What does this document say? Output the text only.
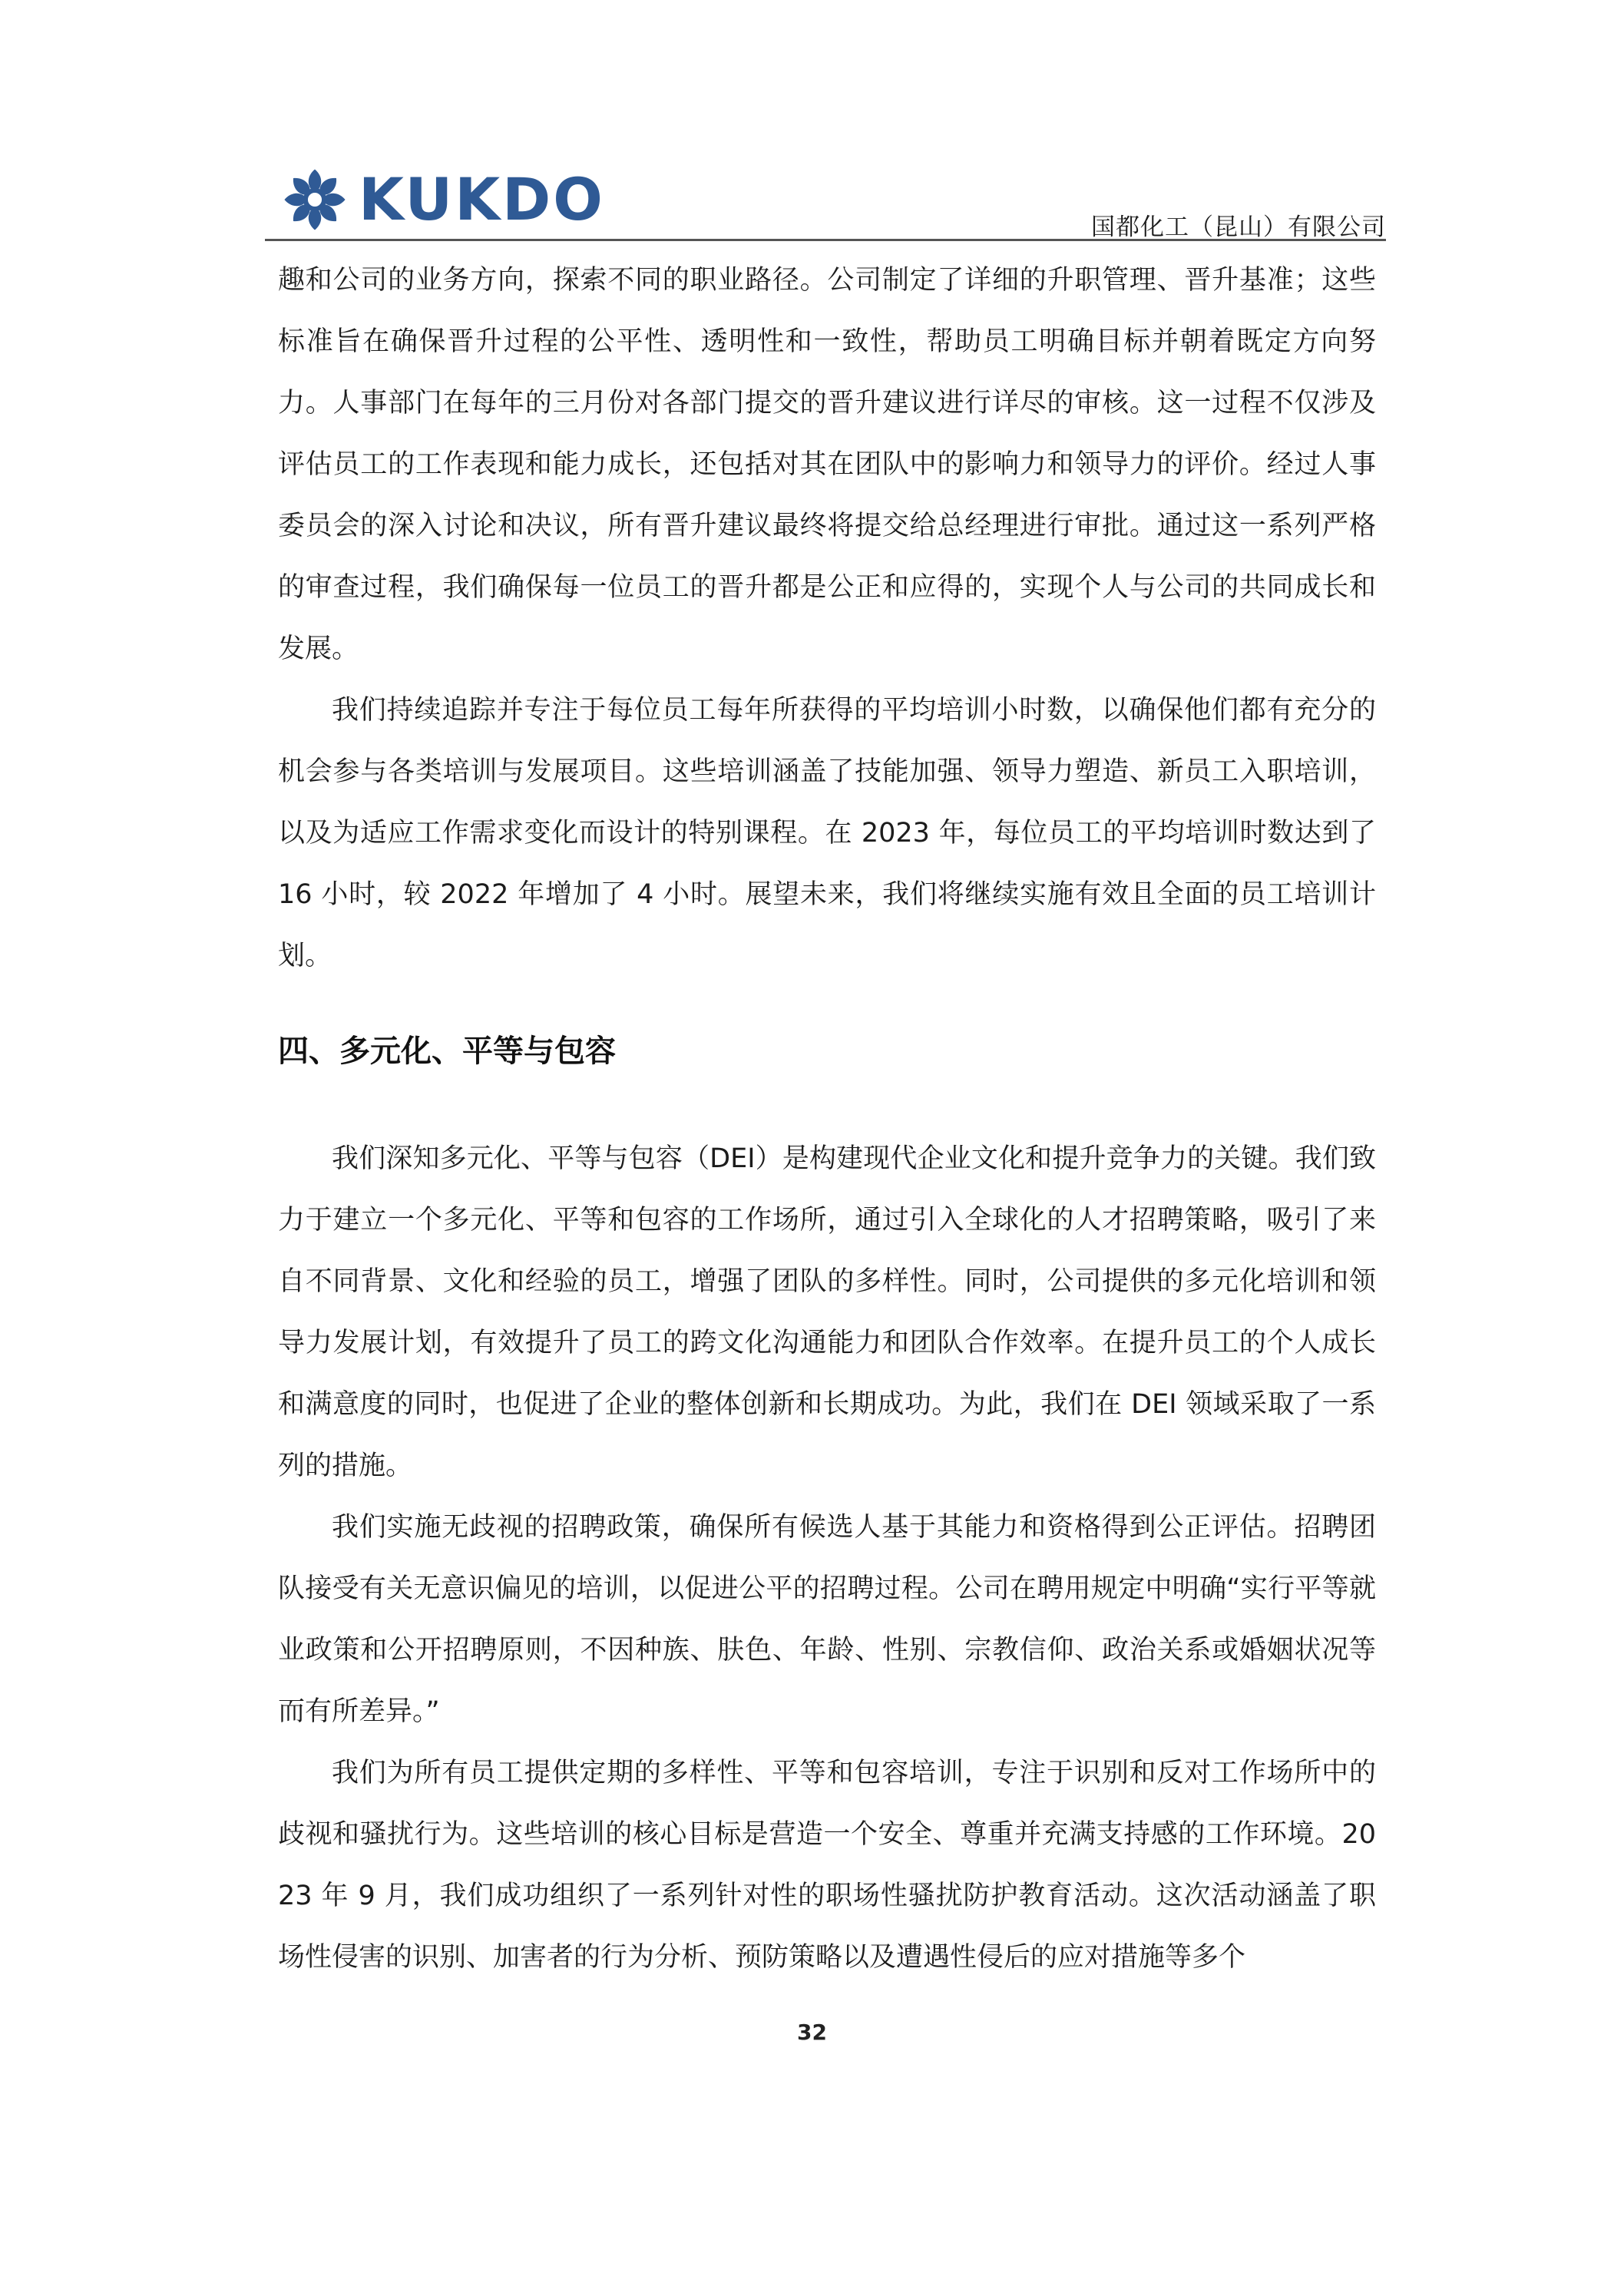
KUKDO	国都化工（昆山）有限公司

趣和公司的业务方向，探索不同的职业路径。公司制定了详细的升职管理、晋升基准；这些标准旨在确保晋升过程的公平性、透明性和一致性，帮助员工明确目标并朝着既定方向努力。人事部门在每年的三月份对各部门提交的晋升建议进行详尽的审核。这一过程不仅涉及评估员工的工作表现和能力成长，还包括对其在团队中的影响力和领导力的评价。经过人事委员会的深入讨论和决议，所有晋升建议最终将提交给总经理进行审批。通过这一系列严格的审查过程，我们确保每一位员工的晋升都是公正和应得的，实现个人与公司的共同成长和发展。

我们持续追踪并专注于每位员工每年所获得的平均培训小时数，以确保他们都有充分的机会参与各类培训与发展项目。这些培训涵盖了技能加强、领导力塑造、新员工入职培训，以及为适应工作需求变化而设计的特别课程。在 2023 年，每位员工的平均培训时数达到了 16 小时，较 2022 年增加了 4 小时。展望未来，我们将继续实施有效且全面的员工培训计划。

四、多元化、平等与包容

我们深知多元化、平等与包容（DEI）是构建现代企业文化和提升竞争力的关键。我们致力于建立一个多元化、平等和包容的工作场所，通过引入全球化的人才招聘策略，吸引了来自不同背景、文化和经验的员工，增强了团队的多样性。同时，公司提供的多元化培训和领导力发展计划，有效提升了员工的跨文化沟通能力和团队合作效率。在提升员工的个人成长和满意度的同时，也促进了企业的整体创新和长期成功。为此，我们在 DEI 领域采取了一系列的措施。

我们实施无歧视的招聘政策，确保所有候选人基于其能力和资格得到公正评估。招聘团队接受有关无意识偏见的培训，以促进公平的招聘过程。公司在聘用规定中明确“实行平等就业政策和公开招聘原则，不因种族、肤色、年龄、性别、宗教信仰、政治关系或婚姻状况等而有所差异。”

我们为所有员工提供定期的多样性、平等和包容培训，专注于识别和反对工作场所中的歧视和骚扰行为。这些培训的核心目标是营造一个安全、尊重并充满支持感的工作环境。2023 年 9 月，我们成功组织了一系列针对性的职场性骚扰防护教育活动。这次活动涵盖了职场性侵害的识别、加害者的行为分析、预防策略以及遭遇性侵后的应对措施等多个

32
